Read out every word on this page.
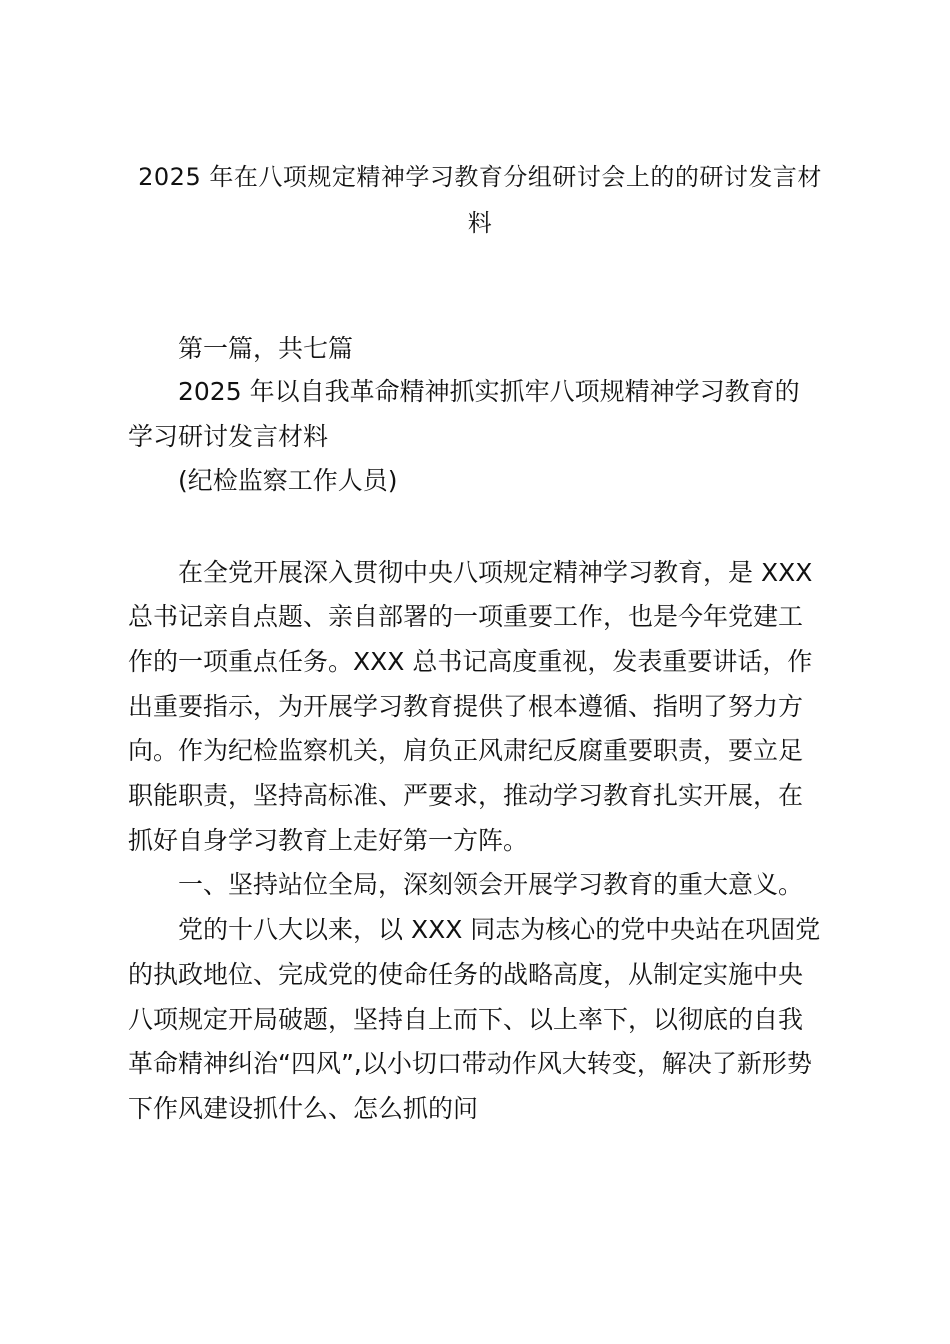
2025 年在八项规定精神学习教育分组研讨会上的的研讨发言材
料
第一篇，共七篇
2025 年以自我革命精神抓实抓牢八项规精神学习教育的
学习研讨发言材料
(纪检监察工作人员)
在全党开展深入贯彻中央八项规定精神学习教育，是 XXX
总书记亲自点题、亲自部署的一项重要工作，也是今年党建工
作的一项重点任务。XXX 总书记高度重视，发表重要讲话，作
出重要指示，为开展学习教育提供了根本遵循、指明了努力方
向。作为纪检监察机关，肩负正风肃纪反腐重要职责，要立足
职能职责，坚持高标准、严要求，推动学习教育扎实开展，在
抓好自身学习教育上走好第一方阵。
一、坚持站位全局，深刻领会开展学习教育的重大意义。
党的十八大以来，以 XXX 同志为核心的党中央站在巩固党
的执政地位、完成党的使命任务的战略高度，从制定实施中央
八项规定开局破题，坚持自上而下、以上率下，以彻底的自我
革命精神纠治“四风”,以小切口带动作风大转变，解决了新形势
下作风建设抓什么、怎么抓的问
